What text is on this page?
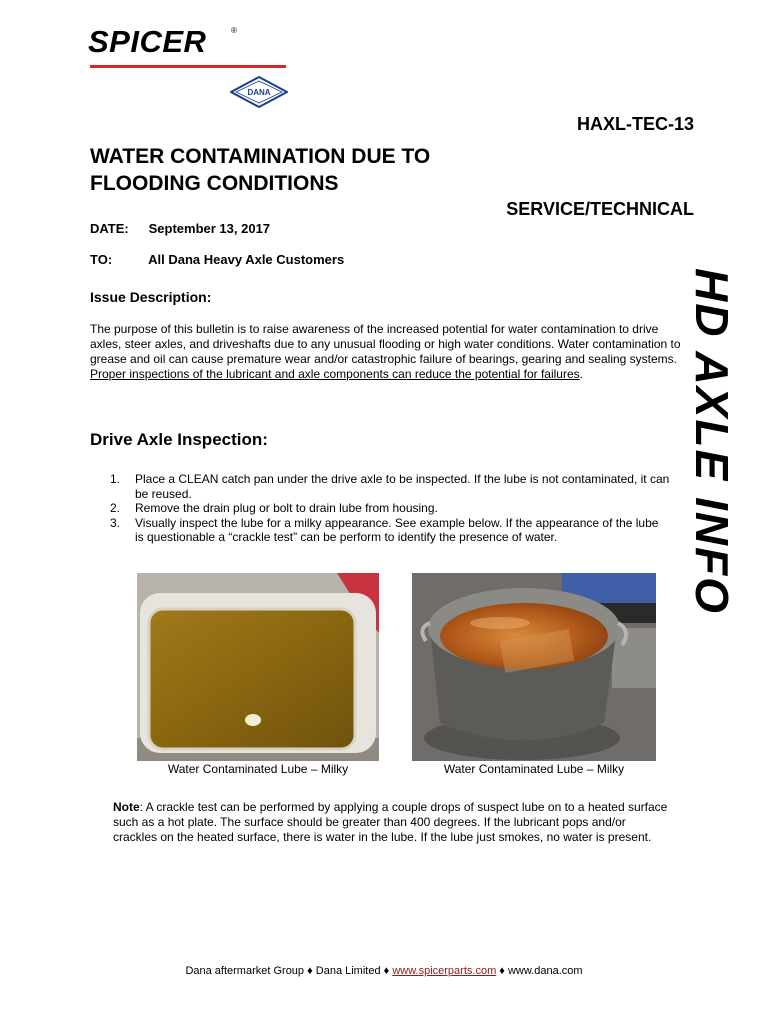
SPICER	®
DANA
HAXL-TEC-13
WATER CONTAMINATION DUE TO
FLOODING CONDITIONS
SERVICE/TECHNICAL
DATE: September 13, 2017
TO:	All Dana Heavy Axle Customers
Issue Description:
The purpose of this bulletin is to raise awareness of the increased potential for water contamination to drive axles, steer axles, and driveshafts due to any unusual flooding or high water conditions. Water contamination to grease and oil can cause premature wear and/or catastrophic failure of bearings, gearing and sealing systems. Proper inspections of the lubricant and axle components can reduce the potential for failures.
Drive Axle Inspection:
1. Place a CLEAN catch pan under the drive axle to be inspected. If the lube is not contaminated, it can be reused.
2. Remove the drain plug or bolt to drain lube from housing.
3. Visually inspect the lube for a milky appearance. See example below. If the appearance of the lube is questionable a “crackle test” can be perform to identify the presence of water.
Water Contaminated Lube – Milky	Water Contaminated Lube – Milky
Note: A crackle test can be performed by applying a couple drops of suspect lube on to a heated surface such as a hot plate. The surface should be greater than 400 degrees. If the lubricant pops and/or crackles on the heated surface, there is water in the lube. If the lube just smokes, no water is present.
HD AXLE INFO
Dana aftermarket Group ♦ Dana Limited ♦ www.spicerparts.com ♦ www.dana.com
